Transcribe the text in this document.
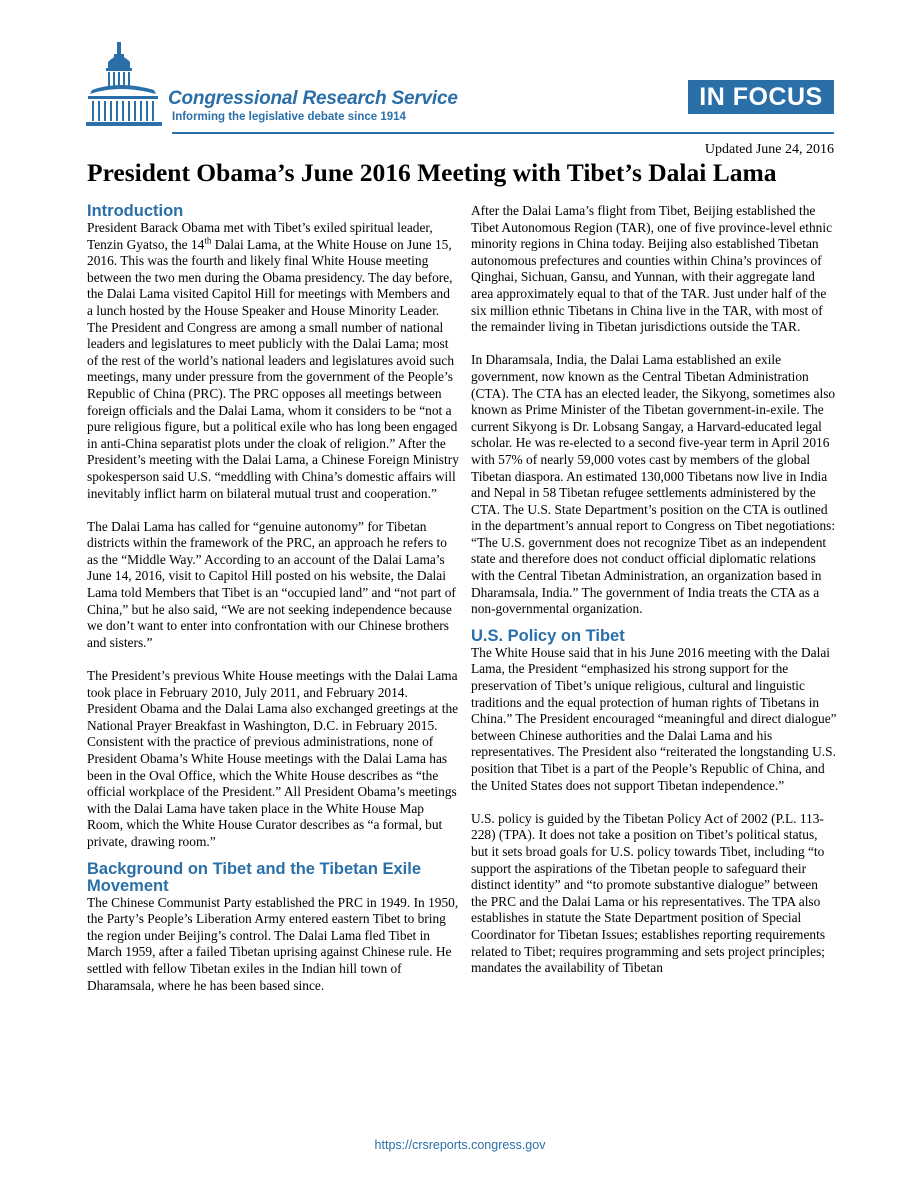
Congressional Research Service
Informing the legislative debate since 1914
IN FOCUS
Updated June 24, 2016
President Obama’s June 2016 Meeting with Tibet’s Dalai Lama
Introduction

President Barack Obama met with Tibet’s exiled spiritual leader, Tenzin Gyatso, the 14th Dalai Lama, at the White House on June 15, 2016. This was the fourth and likely final White House meeting between the two men during the Obama presidency. The day before, the Dalai Lama visited Capitol Hill for meetings with Members and a lunch hosted by the House Speaker and House Minority Leader. The President and Congress are among a small number of national leaders and legislatures to meet publicly with the Dalai Lama; most of the rest of the world’s national leaders and legislatures avoid such meetings, many under pressure from the government of the People’s Republic of China (PRC). The PRC opposes all meetings between foreign officials and the Dalai Lama, whom it considers to be “not a pure religious figure, but a political exile who has long been engaged in anti-China separatist plots under the cloak of religion.” After the President’s meeting with the Dalai Lama, a Chinese Foreign Ministry spokesperson said U.S. “meddling with China’s domestic affairs will inevitably inflict harm on bilateral mutual trust and cooperation.”

The Dalai Lama has called for “genuine autonomy” for Tibetan districts within the framework of the PRC, an approach he refers to as the “Middle Way.” According to an account of the Dalai Lama’s June 14, 2016, visit to Capitol Hill posted on his website, the Dalai Lama told Members that Tibet is an “occupied land” and “not part of China,” but he also said, “We are not seeking independence because we don’t want to enter into confrontation with our Chinese brothers and sisters.”

The President’s previous White House meetings with the Dalai Lama took place in February 2010, July 2011, and February 2014. President Obama and the Dalai Lama also exchanged greetings at the National Prayer Breakfast in Washington, D.C. in February 2015. Consistent with the practice of previous administrations, none of President Obama’s White House meetings with the Dalai Lama has been in the Oval Office, which the White House describes as “the official workplace of the President.” All President Obama’s meetings with the Dalai Lama have taken place in the White House Map Room, which the White House Curator describes as “a formal, but private, drawing room.”

Background on Tibet and the Tibetan Exile Movement

The Chinese Communist Party established the PRC in 1949. In 1950, the Party’s People’s Liberation Army entered eastern Tibet to bring the region under Beijing’s control. The Dalai Lama fled Tibet in March 1959, after a failed Tibetan uprising against Chinese rule. He settled with fellow Tibetan exiles in the Indian hill town of Dharamsala, where he has been based since.

After the Dalai Lama’s flight from Tibet, Beijing established the Tibet Autonomous Region (TAR), one of five province-level ethnic minority regions in China today. Beijing also established Tibetan autonomous prefectures and counties within China’s provinces of Qinghai, Sichuan, Gansu, and Yunnan, with their aggregate land area approximately equal to that of the TAR. Just under half of the six million ethnic Tibetans in China live in the TAR, with most of the remainder living in Tibetan jurisdictions outside the TAR.

In Dharamsala, India, the Dalai Lama established an exile government, now known as the Central Tibetan Administration (CTA). The CTA has an elected leader, the Sikyong, sometimes also known as Prime Minister of the Tibetan government-in-exile. The current Sikyong is Dr. Lobsang Sangay, a Harvard-educated legal scholar. He was re-elected to a second five-year term in April 2016 with 57% of nearly 59,000 votes cast by members of the global Tibetan diaspora. An estimated 130,000 Tibetans now live in India and Nepal in 58 Tibetan refugee settlements administered by the CTA. The U.S. State Department’s position on the CTA is outlined in the department’s annual report to Congress on Tibet negotiations: “The U.S. government does not recognize Tibet as an independent state and therefore does not conduct official diplomatic relations with the Central Tibetan Administration, an organization based in Dharamsala, India.” The government of India treats the CTA as a non-governmental organization.

U.S. Policy on Tibet

The White House said that in his June 2016 meeting with the Dalai Lama, the President “emphasized his strong support for the preservation of Tibet’s unique religious, cultural and linguistic traditions and the equal protection of human rights of Tibetans in China.” The President encouraged “meaningful and direct dialogue” between Chinese authorities and the Dalai Lama and his representatives. The President also “reiterated the longstanding U.S. position that Tibet is a part of the People’s Republic of China, and the United States does not support Tibetan independence.”

U.S. policy is guided by the Tibetan Policy Act of 2002 (P.L. 113-228) (TPA). It does not take a position on Tibet’s political status, but it sets broad goals for U.S. policy towards Tibet, including “to support the aspirations of the Tibetan people to safeguard their distinct identity” and “to promote substantive dialogue” between the PRC and the Dalai Lama or his representatives. The TPA also establishes in statute the State Department position of Special Coordinator for Tibetan Issues; establishes reporting requirements related to Tibet; requires programming and sets project principles; mandates the availability of Tibetan

https://crsreports.congress.gov
